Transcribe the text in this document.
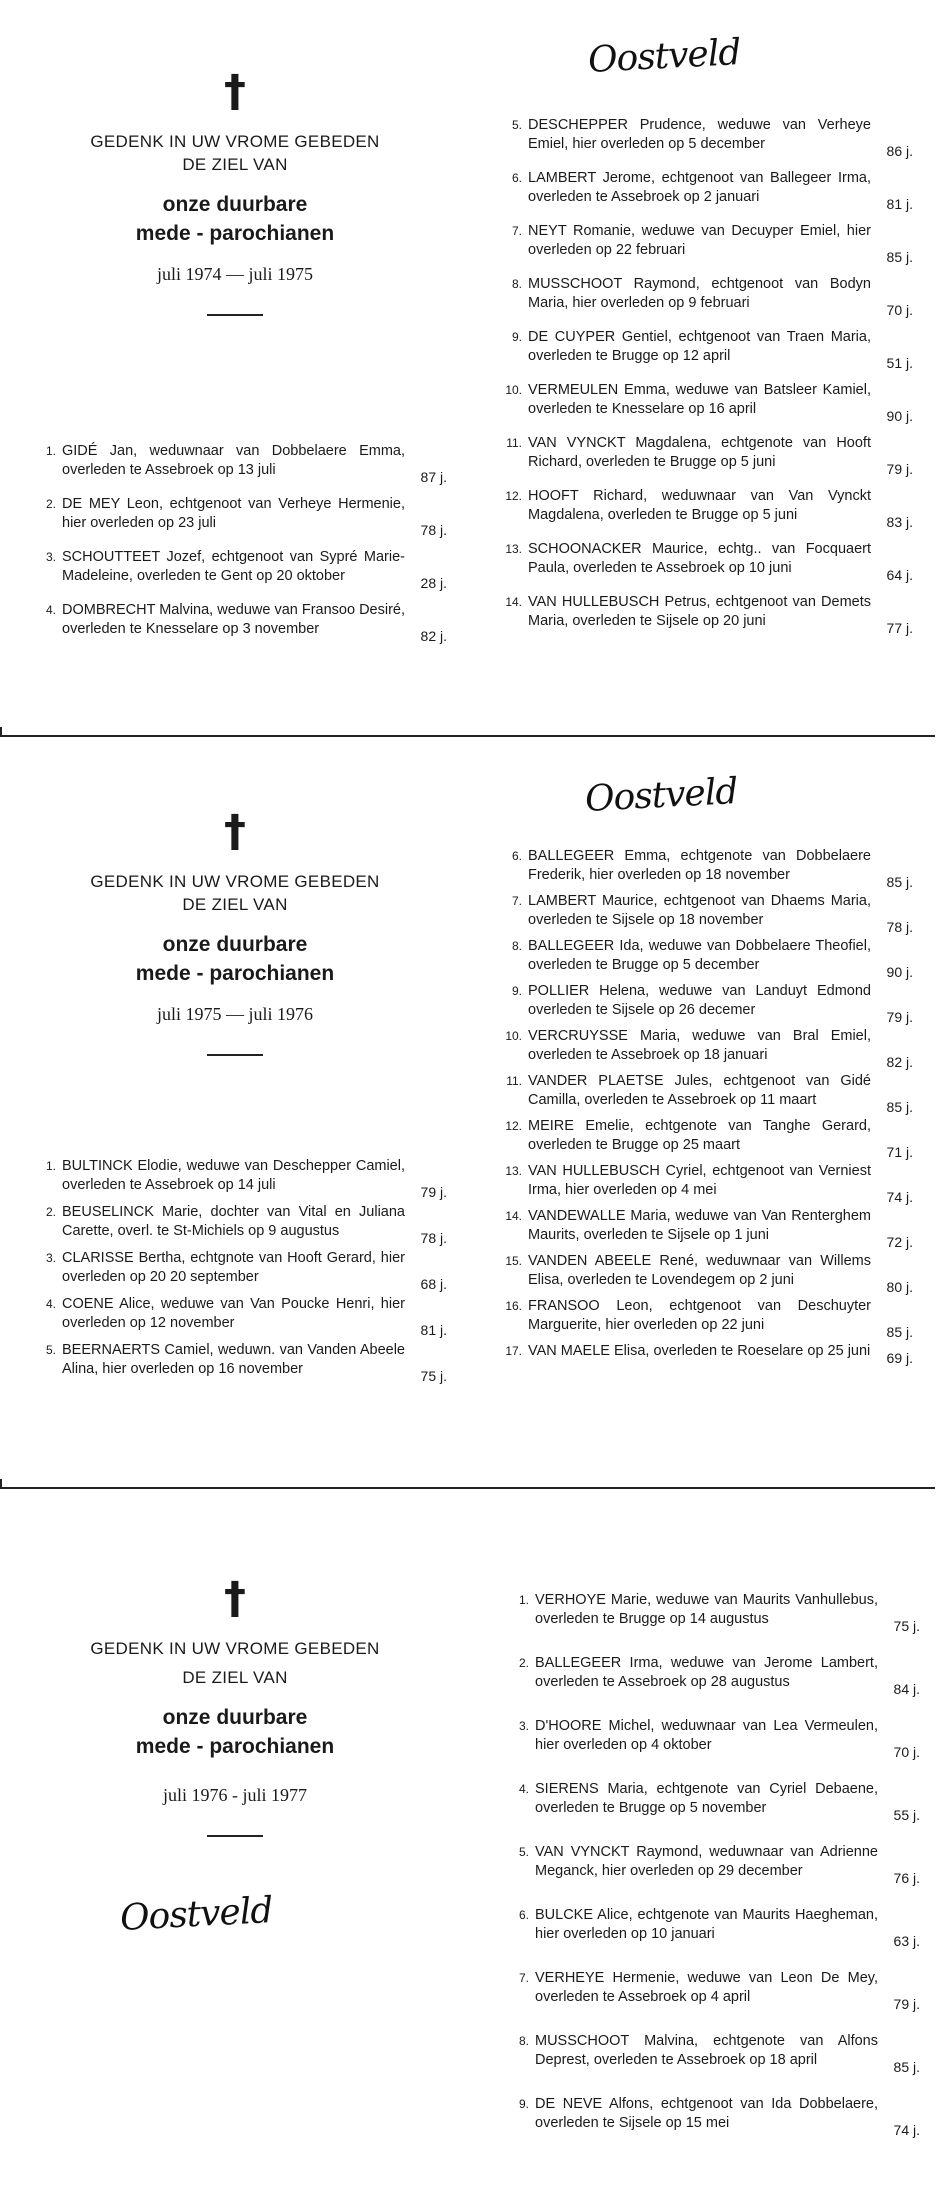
†
GEDENK IN UW VROME GEBEDEN
DE ZIEL VAN
onze duurbare
mede - parochianen
juli 1974 — juli 1975
Oostveld
1. GIDÉ Jan, weduwnaar van Dobbelaere Emma, overleden te Assebroek op 13 juli	87 j.
2. DE MEY Leon, echtgenoot van Verheye Hermenie, hier overleden op 23 juli	78 j.
3. SCHOUTTEET Jozef, echtgenoot van Sypré Marie-Madeleine, overleden te Gent op 20 oktober	28 j.
4. DOMBRECHT Malvina, weduwe van Fransoo Desiré, overleden te Knesselare op 3 november	82 j.
5. DESCHEPPER Prudence, weduwe van Verheye Emiel, hier overleden op 5 december	86 j.
6. LAMBERT Jerome, echtgenoot van Ballegeer Irma, overleden te Assebroek op 2 januari	81 j.
7. NEYT Romanie, weduwe van Decuyper Emiel, hier overleden op 22 februari	85 j.
8. MUSSCHOOT Raymond, echtgenoot van Bodyn Maria, hier overleden op 9 februari	70 j.
9. DE CUYPER Gentiel, echtgenoot van Traen Maria, overleden te Brugge op 12 april	51 j.
10. VERMEULEN Emma, weduwe van Batsleer Kamiel, overleden te Knesselare op 16 april	90 j.
11. VAN VYNCKT Magdalena, echtgenote van Hooft Richard, overleden te Brugge op 5 juni	79 j.
12. HOOFT Richard, weduwnaar van Van Vynckt Magdalena, overleden te Brugge op 5 juni	83 j.
13. SCHOONACKER Maurice, echtg.. van Focquaert Paula, overleden te Assebroek op 10 juni	64 j.
14. VAN HULLEBUSCH Petrus, echtgenoot van Demets Maria, overleden te Sijsele op 20 juni	77 j.
†
GEDENK IN UW VROME GEBEDEN
DE ZIEL VAN
onze duurbare
mede - parochianen
juli 1975 — juli 1976
Oostveld
1. BULTINCK Elodie, weduwe van Deschepper Camiel, overleden te Assebroek op 14 juli	79 j.
2. BEUSELINCK Marie, dochter van Vital en Juliana Carette, overl. te St-Michiels op 9 augustus	78 j.
3. CLARISSE Bertha, echtgnote van Hooft Gerard, hier overleden op 20 20 september	68 j.
4. COENE Alice, weduwe van Van Poucke Henri, hier overleden op 12 november	81 j.
5. BEERNAERTS Camiel, weduwn. van Vanden Abeele Alina, hier overleden op 16 november	75 j.
6. BALLEGEER Emma, echtgenote van Dobbelaere Frederik, hier overleden op 18 november	85 j.
7. LAMBERT Maurice, echtgenoot van Dhaems Maria, overleden te Sijsele op 18 november	78 j.
8. BALLEGEER Ida, weduwe van Dobbelaere Theofiel, overleden te Brugge op 5 december	90 j.
9. POLLIER Helena, weduwe van Landuyt Edmond overleden te Sijsele op 26 decemer	79 j.
10. VERCRUYSSE Maria, weduwe van Bral Emiel, overleden te Assebroek op 18 januari	82 j.
11. VANDER PLAETSE Jules, echtgenoot van Gidé Camilla, overleden te Assebroek op 11 maart	85 j.
12. MEIRE Emelie, echtgenote van Tanghe Gerard, overleden te Brugge op 25 maart	71 j.
13. VAN HULLEBUSCH Cyriel, echtgenoot van Verniest Irma, hier overleden op 4 mei	74 j.
14. VANDEWALLE Maria, weduwe van Van Renterghem Maurits, overleden te Sijsele op 1 juni	72 j.
15. VANDEN ABEELE René, weduwnaar van Willems Elisa, overleden te Lovendegem op 2 juni	80 j.
16. FRANSOO Leon, echtgenoot van Deschuyter Marguerite, hier overleden op 22 juni	85 j.
17. VAN MAELE Elisa, overleden te Roeselare op 25 juni	69 j.
†
GEDENK IN UW VROME GEBEDEN
DE ZIEL VAN
onze duurbare
mede - parochianen
juli 1976 - juli 1977
Oostveld
1. VERHOYE Marie, weduwe van Maurits Vanhullebus, overleden te Brugge op 14 augustus	75 j.
2. BALLEGEER Irma, weduwe van Jerome Lambert, overleden te Assebroek op 28 augustus	84 j.
3. D'HOORE Michel, weduwnaar van Lea Vermeulen, hier overleden op 4 oktober	70 j.
4. SIERENS Maria, echtgenote van Cyriel Debaene, overleden te Brugge op 5 november	55 j.
5. VAN VYNCKT Raymond, weduwnaar van Adrienne Meganck, hier overleden op 29 december	76 j.
6. BULCKE Alice, echtgenote van Maurits Haegheman, hier overleden op 10 januari	63 j.
7. VERHEYE Hermenie, weduwe van Leon De Mey, overleden te Assebroek op 4 april	79 j.
8. MUSSCHOOT Malvina, echtgenote van Alfons Deprest, overleden te Assebroek op 18 april	85 j.
9. DE NEVE Alfons, echtgenoot van Ida Dobbelaere, overleden te Sijsele op 15 mei	74 j.
